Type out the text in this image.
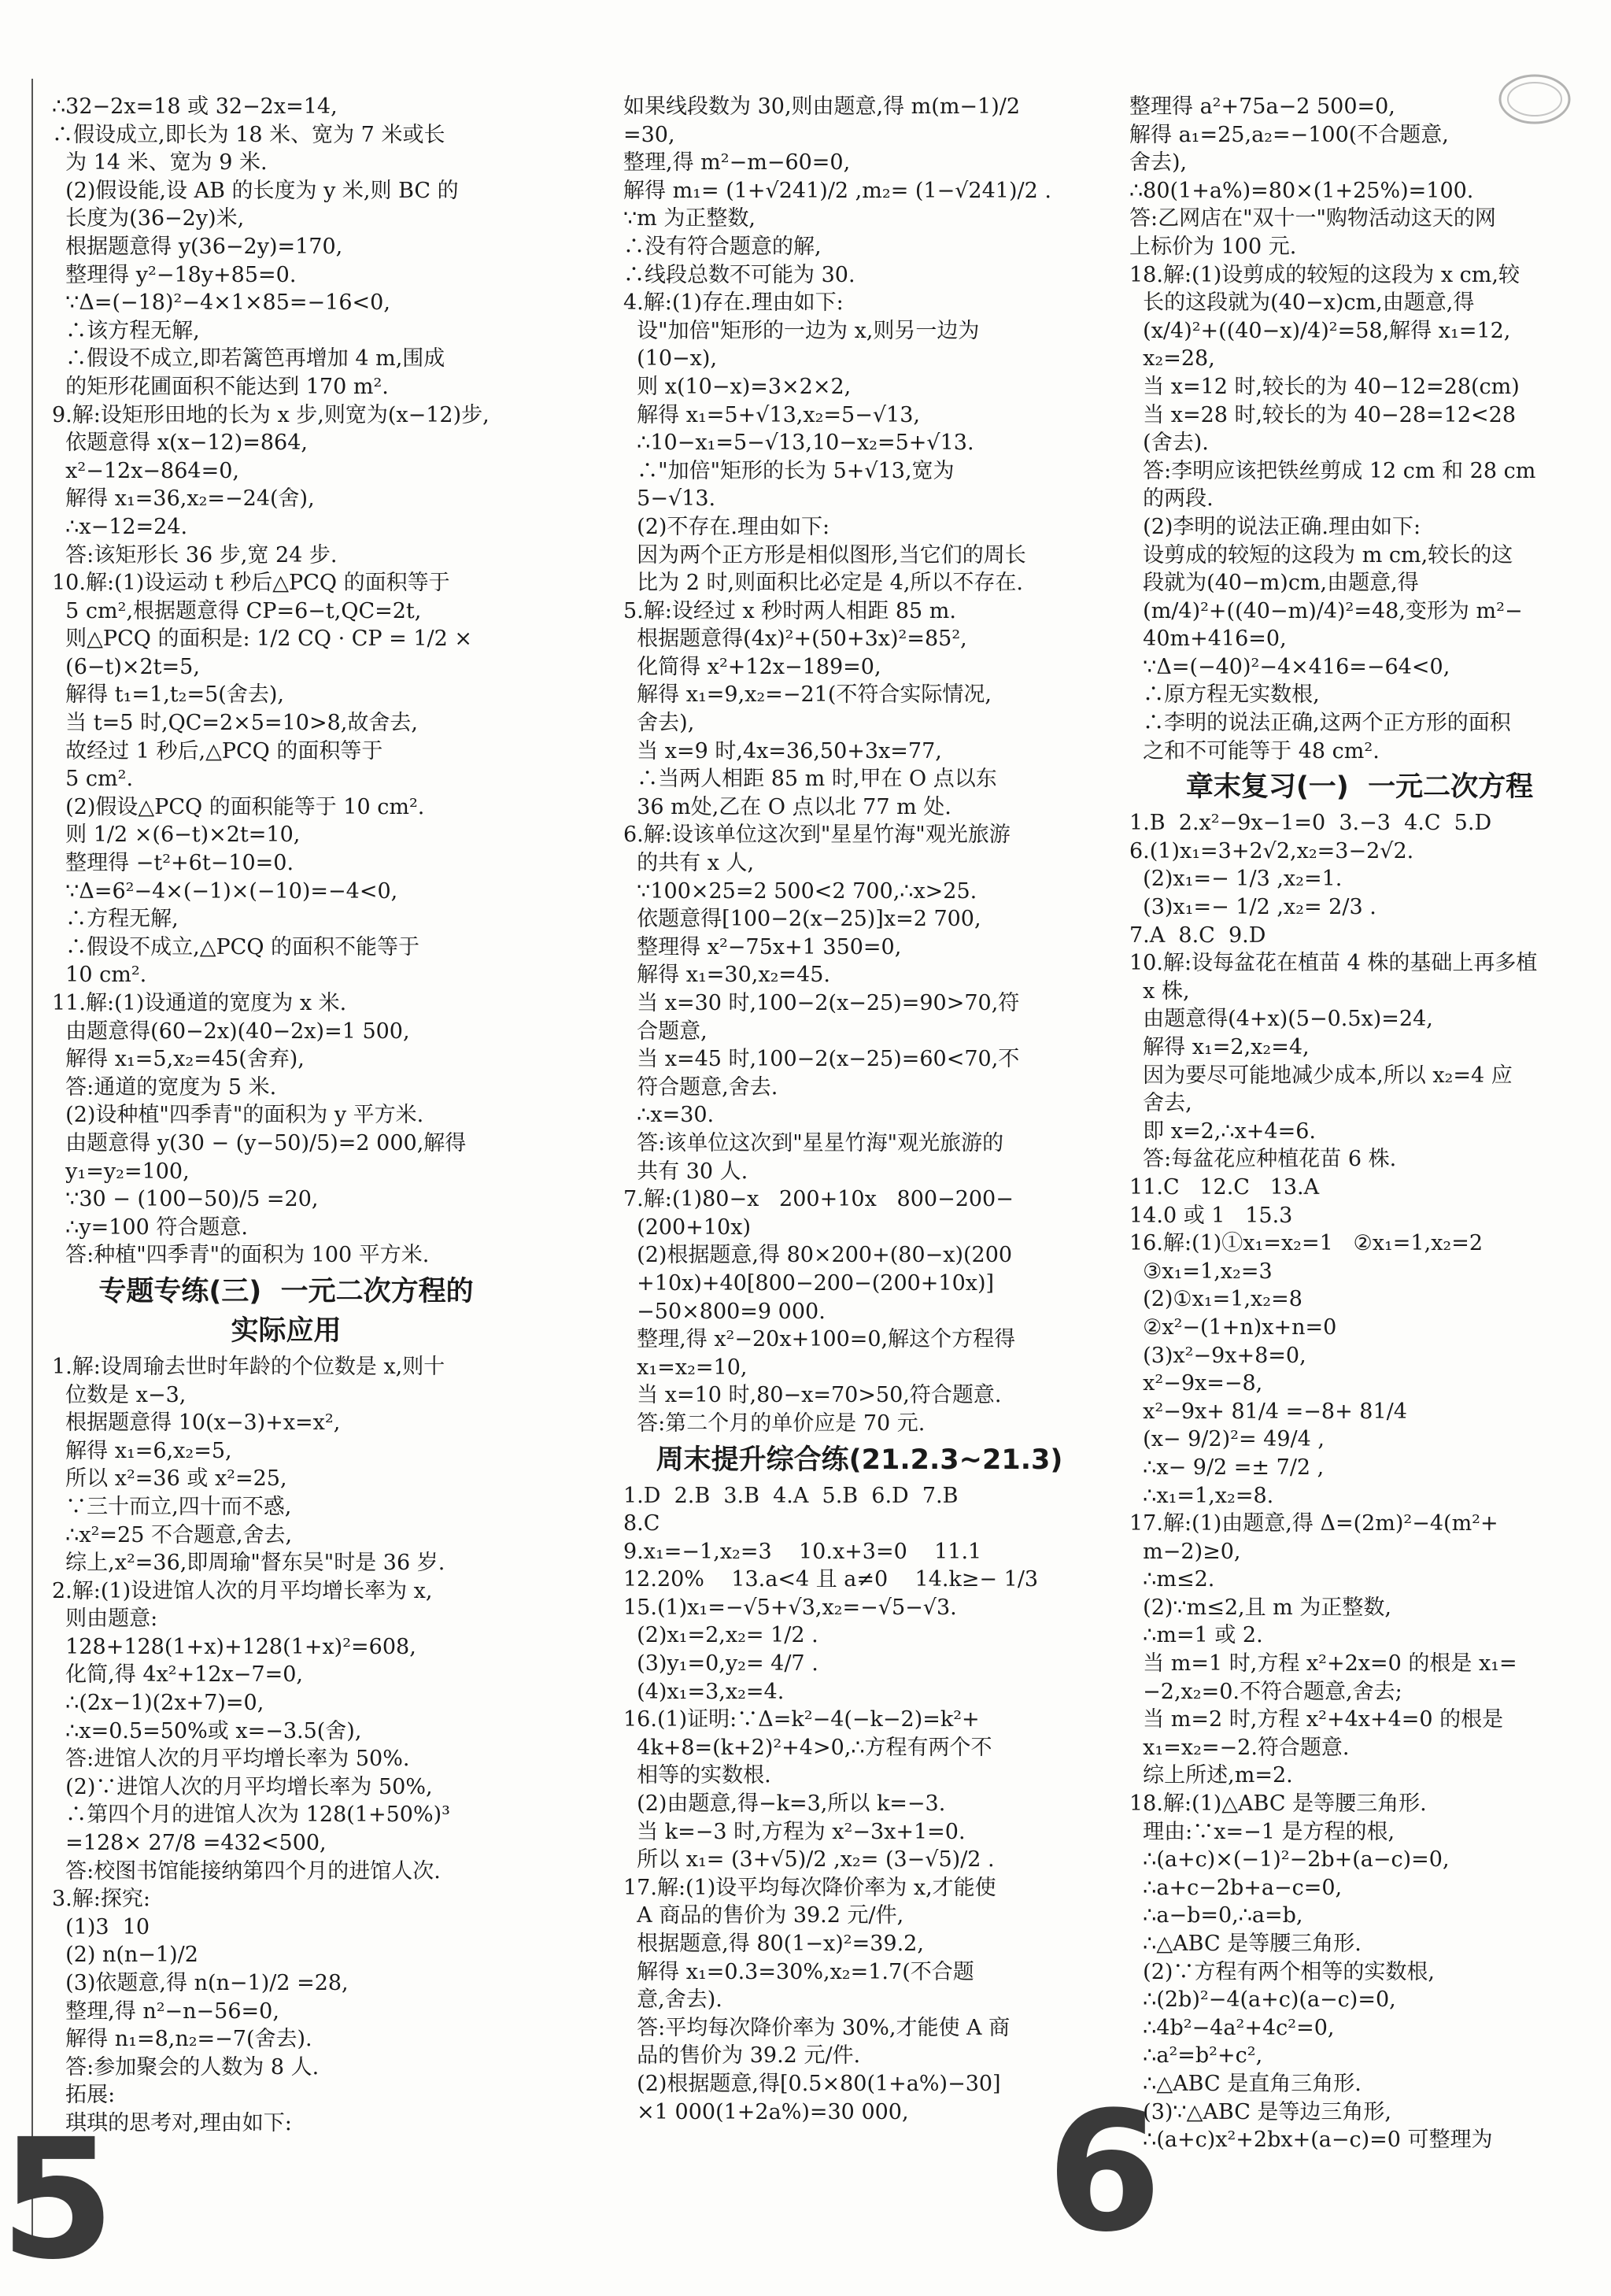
∴32−2x=18 或 32−2x=14,
∴假设成立,即长为 18 米、宽为 7 米或长
为 14 米、宽为 9 米.
(2)假设能,设 AB 的长度为 y 米,则 BC 的
长度为(36−2y)米,
根据题意得 y(36−2y)=170,
整理得 y²−18y+85=0.
∵Δ=(−18)²−4×1×85=−16<0,
∴该方程无解,
∴假设不成立,即若篱笆再增加 4 m,围成
的矩形花圃面积不能达到 170 m².
9.解:设矩形田地的长为 x 步,则宽为(x−12)步,
依题意得 x(x−12)=864,
x²−12x−864=0,
解得 x₁=36,x₂=−24(舍),
∴x−12=24.
答:该矩形长 36 步,宽 24 步.
10.解:(1)设运动 t 秒后△PCQ 的面积等于
5 cm²,根据题意得 CP=6−t,QC=2t,
则△PCQ 的面积是: 1/2 CQ · CP = 1/2 ×
(6−t)×2t=5,
解得 t₁=1,t₂=5(舍去),
当 t=5 时,QC=2×5=10>8,故舍去,
故经过 1 秒后,△PCQ 的面积等于
5 cm².
(2)假设△PCQ 的面积能等于 10 cm².
则 1/2 ×(6−t)×2t=10,
整理得 −t²+6t−10=0.
∵Δ=6²−4×(−1)×(−10)=−4<0,
∴方程无解,
∴假设不成立,△PCQ 的面积不能等于
10 cm².
11.解:(1)设通道的宽度为 x 米.
由题意得(60−2x)(40−2x)=1 500,
解得 x₁=5,x₂=45(舍弃),
答:通道的宽度为 5 米.
(2)设种植"四季青"的面积为 y 平方米.
由题意得 y(30 − (y−50)/5)=2 000,解得
y₁=y₂=100,
∵30 − (100−50)/5 =20,
∴y=100 符合题意.
答:种植"四季青"的面积为 100 平方米.
专题专练(三)  一元二次方程的
实际应用
1.解:设周瑜去世时年龄的个位数是 x,则十
位数是 x−3,
根据题意得 10(x−3)+x=x²,
解得 x₁=6,x₂=5,
所以 x²=36 或 x²=25,
∵三十而立,四十而不惑,
∴x²=25 不合题意,舍去,
综上,x²=36,即周瑜"督东吴"时是 36 岁.
2.解:(1)设进馆人次的月平均增长率为 x,
则由题意:
128+128(1+x)+128(1+x)²=608,
化简,得 4x²+12x−7=0,
∴(2x−1)(2x+7)=0,
∴x=0.5=50%或 x=−3.5(舍),
答:进馆人次的月平均增长率为 50%.
(2)∵进馆人次的月平均增长率为 50%,
∴第四个月的进馆人次为 128(1+50%)³
=128× 27/8 =432<500,
答:校图书馆能接纳第四个月的进馆人次.
3.解:探究:
(1)3  10
(2) n(n−1)/2
(3)依题意,得 n(n−1)/2 =28,
整理,得 n²−n−56=0,
解得 n₁=8,n₂=−7(舍去).
答:参加聚会的人数为 8 人.
拓展:
琪琪的思考对,理由如下:
如果线段数为 30,则由题意,得 m(m−1)/2
=30,
整理,得 m²−m−60=0,
解得 m₁= (1+√241)/2 ,m₂= (1−√241)/2 .
∵m 为正整数,
∴没有符合题意的解,
∴线段总数不可能为 30.
4.解:(1)存在.理由如下:
设"加倍"矩形的一边为 x,则另一边为
(10−x),
则 x(10−x)=3×2×2,
解得 x₁=5+√13,x₂=5−√13,
∴10−x₁=5−√13,10−x₂=5+√13.
∴"加倍"矩形的长为 5+√13,宽为
5−√13.
(2)不存在.理由如下:
因为两个正方形是相似图形,当它们的周长
比为 2 时,则面积比必定是 4,所以不存在.
5.解:设经过 x 秒时两人相距 85 m.
根据题意得(4x)²+(50+3x)²=85²,
化简得 x²+12x−189=0,
解得 x₁=9,x₂=−21(不符合实际情况,
舍去),
当 x=9 时,4x=36,50+3x=77,
∴当两人相距 85 m 时,甲在 O 点以东
36 m处,乙在 O 点以北 77 m 处.
6.解:设该单位这次到"星星竹海"观光旅游
的共有 x 人,
∵100×25=2 500<2 700,∴x>25.
依题意得[100−2(x−25)]x=2 700,
整理得 x²−75x+1 350=0,
解得 x₁=30,x₂=45.
当 x=30 时,100−2(x−25)=90>70,符
合题意,
当 x=45 时,100−2(x−25)=60<70,不
符合题意,舍去.
∴x=30.
答:该单位这次到"星星竹海"观光旅游的
共有 30 人.
7.解:(1)80−x   200+10x   800−200−
(200+10x)
(2)根据题意,得 80×200+(80−x)(200
+10x)+40[800−200−(200+10x)]
−50×800=9 000.
整理,得 x²−20x+100=0,解这个方程得
x₁=x₂=10,
当 x=10 时,80−x=70>50,符合题意.
答:第二个月的单价应是 70 元.
周末提升综合练(21.2.3~21.3)
1.D  2.B  3.B  4.A  5.B  6.D  7.B
8.C
9.x₁=−1,x₂=3    10.x+3=0    11.1
12.20%    13.a<4 且 a≠0    14.k≥− 1/3
15.(1)x₁=−√5+√3,x₂=−√5−√3.
(2)x₁=2,x₂= 1/2 .
(3)y₁=0,y₂= 4/7 .
(4)x₁=3,x₂=4.
16.(1)证明:∵Δ=k²−4(−k−2)=k²+
4k+8=(k+2)²+4>0,∴方程有两个不
相等的实数根.
(2)由题意,得−k=3,所以 k=−3.
当 k=−3 时,方程为 x²−3x+1=0.
所以 x₁= (3+√5)/2 ,x₂= (3−√5)/2 .
17.解:(1)设平均每次降价率为 x,才能使
A 商品的售价为 39.2 元/件,
根据题意,得 80(1−x)²=39.2,
解得 x₁=0.3=30%,x₂=1.7(不合题
意,舍去).
答:平均每次降价率为 30%,才能使 A 商
品的售价为 39.2 元/件.
(2)根据题意,得[0.5×80(1+a%)−30]
×1 000(1+2a%)=30 000,
整理得 a²+75a−2 500=0,
解得 a₁=25,a₂=−100(不合题意,
舍去),
∴80(1+a%)=80×(1+25%)=100.
答:乙网店在"双十一"购物活动这天的网
上标价为 100 元.
18.解:(1)设剪成的较短的这段为 x cm,较
长的这段就为(40−x)cm,由题意,得
(x/4)²+((40−x)/4)²=58,解得 x₁=12,
x₂=28,
当 x=12 时,较长的为 40−12=28(cm)
当 x=28 时,较长的为 40−28=12<28
(舍去).
答:李明应该把铁丝剪成 12 cm 和 28 cm
的两段.
(2)李明的说法正确.理由如下:
设剪成的较短的这段为 m cm,较长的这
段就为(40−m)cm,由题意,得
(m/4)²+((40−m)/4)²=48,变形为 m²−
40m+416=0,
∵Δ=(−40)²−4×416=−64<0,
∴原方程无实数根,
∴李明的说法正确,这两个正方形的面积
之和不可能等于 48 cm².
章末复习(一)  一元二次方程
1.B  2.x²−9x−1=0  3.−3  4.C  5.D
6.(1)x₁=3+2√2,x₂=3−2√2.
(2)x₁=− 1/3 ,x₂=1.
(3)x₁=− 1/2 ,x₂= 2/3 .
7.A  8.C  9.D
10.解:设每盆花在植苗 4 株的基础上再多植
x 株,
由题意得(4+x)(5−0.5x)=24,
解得 x₁=2,x₂=4,
因为要尽可能地减少成本,所以 x₂=4 应
舍去,
即 x=2,∴x+4=6.
答:每盆花应种植花苗 6 株.
11.C   12.C   13.A
14.0 或 1   15.3
16.解:(1)①x₁=x₂=1   ②x₁=1,x₂=2
③x₁=1,x₂=3
(2)①x₁=1,x₂=8
②x²−(1+n)x+n=0
(3)x²−9x+8=0,
x²−9x=−8,
x²−9x+ 81/4 =−8+ 81/4
(x− 9/2)²= 49/4 ,
∴x− 9/2 =± 7/2 ,
∴x₁=1,x₂=8.
17.解:(1)由题意,得 Δ=(2m)²−4(m²+
m−2)≥0,
∴m≤2.
(2)∵m≤2,且 m 为正整数,
∴m=1 或 2.
当 m=1 时,方程 x²+2x=0 的根是 x₁=
−2,x₂=0.不符合题意,舍去;
当 m=2 时,方程 x²+4x+4=0 的根是
x₁=x₂=−2.符合题意.
综上所述,m=2.
18.解:(1)△ABC 是等腰三角形.
理由:∵x=−1 是方程的根,
∴(a+c)×(−1)²−2b+(a−c)=0,
∴a+c−2b+a−c=0,
∴a−b=0,∴a=b,
∴△ABC 是等腰三角形.
(2)∵方程有两个相等的实数根,
∴(2b)²−4(a+c)(a−c)=0,
∴4b²−4a²+4c²=0,
∴a²=b²+c²,
∴△ABC 是直角三角形.
(3)∵△ABC 是等边三角形,
∴(a+c)x²+2bx+(a−c)=0 可整理为
5	6
